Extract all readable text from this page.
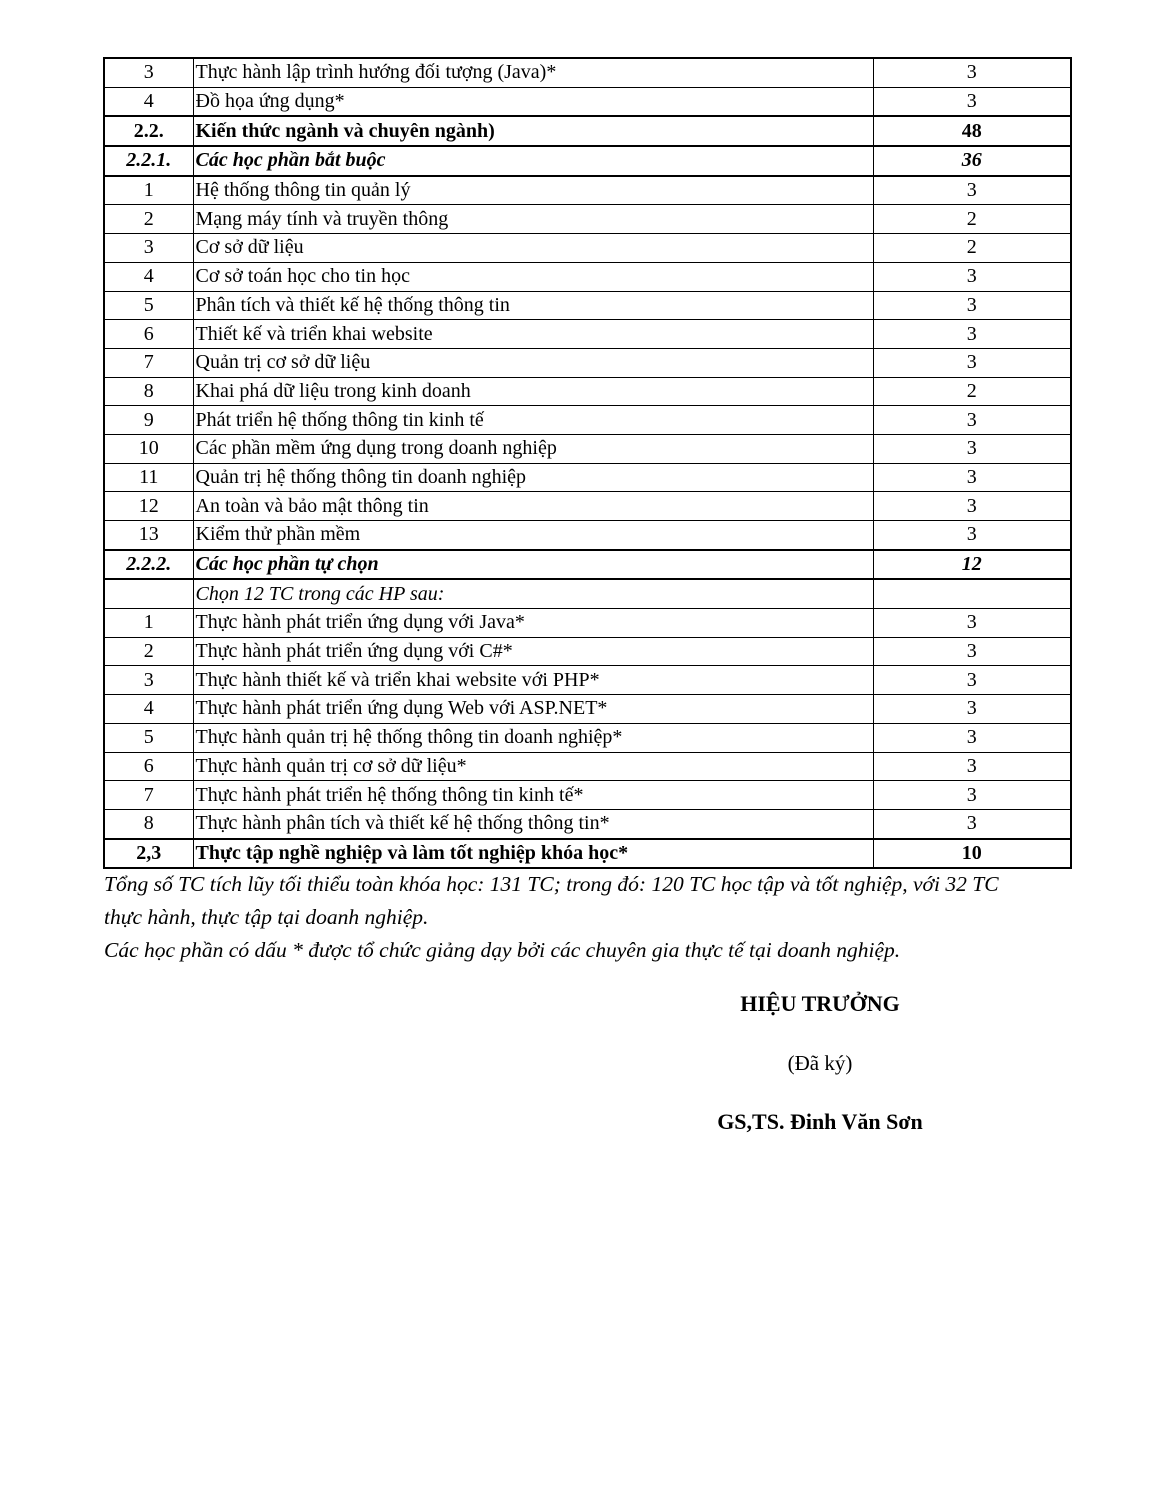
3	Thực hành lập trình hướng đối tượng (Java)*	3
4	Đồ họa ứng dụng*	3
2.2.	Kiến thức ngành và chuyên ngành)	48
2.2.1.	Các học phần bắt buộc	36
1	Hệ thống thông tin quản lý	3
2	Mạng máy tính và truyền thông	2
3	Cơ sở dữ liệu	2
4	Cơ sở toán học cho tin học	3
5	Phân tích và thiết kế hệ thống thông tin	3
6	Thiết kế và triển khai website	3
7	Quản trị cơ sở dữ liệu	3
8	Khai phá dữ liệu trong kinh doanh	2
9	Phát triển hệ thống thông tin kinh tế	3
10	Các phần mềm ứng dụng trong doanh nghiệp	3
11	Quản trị hệ thống thông tin doanh nghiệp	3
12	An toàn và bảo mật thông tin	3
13	Kiểm thử phần mềm	3
2.2.2.	Các học phần tự chọn	12
	Chọn 12 TC trong các HP sau:	
1	Thực hành phát triển ứng dụng với Java*	3
2	Thực hành phát triển ứng dụng với C#*	3
3	Thực hành thiết kế và triển khai website với PHP*	3
4	Thực hành phát triển ứng dụng Web với ASP.NET*	3
5	Thực hành quản trị hệ thống thông tin doanh nghiệp*	3
6	Thực hành quản trị cơ sở dữ liệu*	3
7	Thực hành phát triển hệ thống thông tin kinh tế*	3
8	Thực hành phân tích và thiết kế hệ thống thông tin*	3
2,3	Thực tập nghề nghiệp và làm tốt nghiệp khóa học*	10
Tổng số TC tích lũy tối thiểu toàn khóa học: 131 TC; trong đó: 120 TC học tập và tốt nghiệp, với 32 TC
thực hành, thực tập tại doanh nghiệp.
Các học phần có dấu * được tổ chức giảng dạy bởi các chuyên gia thực tế tại doanh nghiệp.
HIỆU TRƯỞNG
(Đã ký)
GS,TS. Đinh Văn Sơn
